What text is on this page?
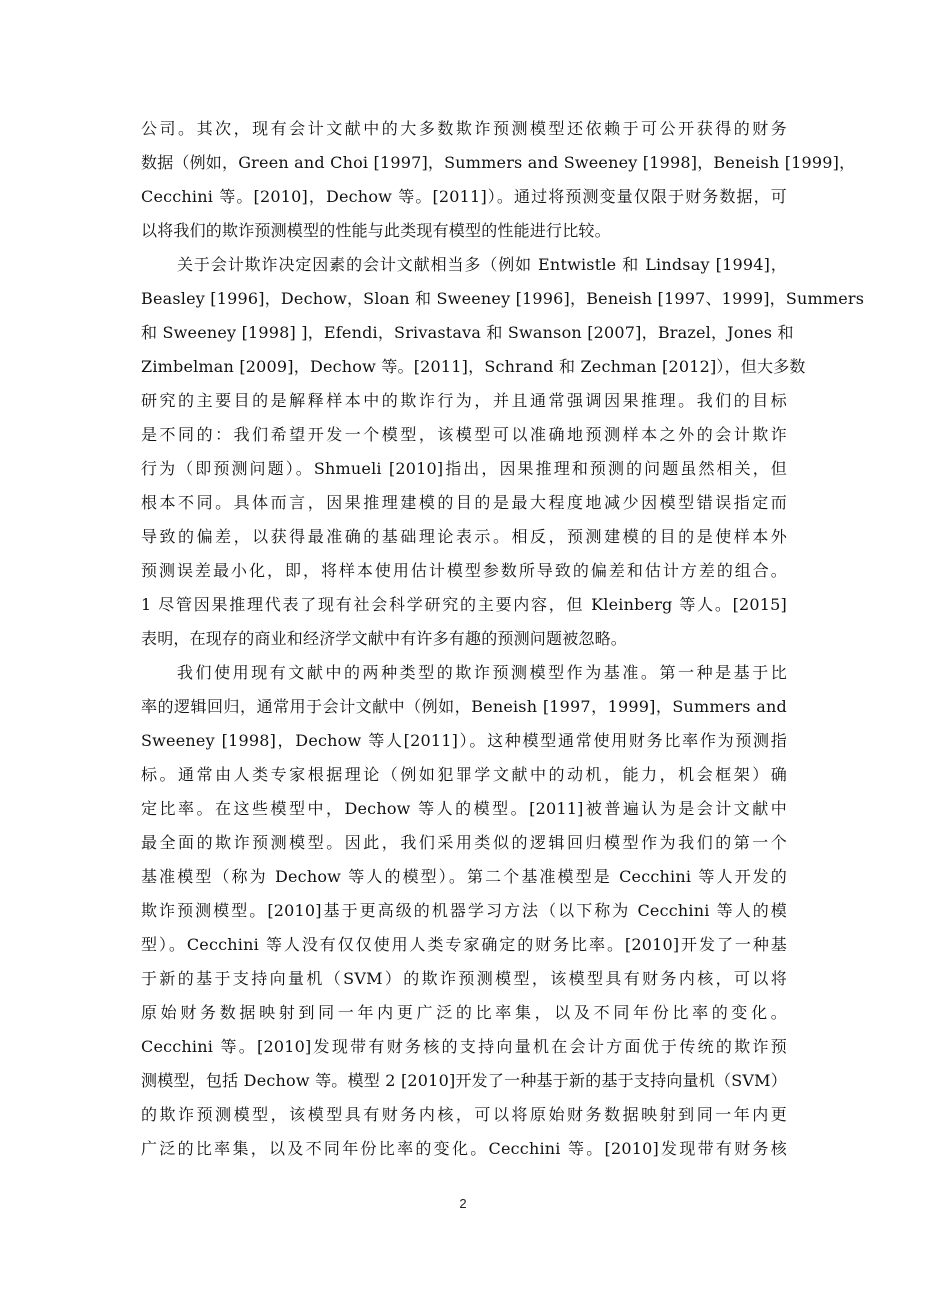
公司。其次，现有会计文献中的大多数欺诈预测模型还依赖于可公开获得的财务
数据（例如，Green and Choi [1997]，Summers and Sweeney [1998]，Beneish [1999]，
Cecchini 等。[2010]，Dechow 等。[2011]）。通过将预测变量仅限于财务数据，可
以将我们的欺诈预测模型的性能与此类现有模型的性能进行比较。
关于会计欺诈决定因素的会计文献相当多（例如 Entwistle 和 Lindsay [1994]，
Beasley [1996]，Dechow，Sloan 和 Sweeney [1996]，Beneish [1997、1999]，Summers
和 Sweeney [1998] ]，Efendi，Srivastava 和 Swanson [2007]，Brazel，Jones 和
Zimbelman [2009]，Dechow 等。[2011]，Schrand 和 Zechman [2012]），但大多数
研究的主要目的是解释样本中的欺诈行为，并且通常强调因果推理。我们的目标
是不同的：我们希望开发一个模型，该模型可以准确地预测样本之外的会计欺诈
行为（即预测问题）。Shmueli [2010]指出，因果推理和预测的问题虽然相关，但
根本不同。具体而言，因果推理建模的目的是最大程度地减少因模型错误指定而
导致的偏差，以获得最准确的基础理论表示。相反，预测建模的目的是使样本外
预测误差最小化，即，将样本使用估计模型参数所导致的偏差和估计方差的组合。
1 尽管因果推理代表了现有社会科学研究的主要内容，但 Kleinberg 等人。[2015]
表明，在现存的商业和经济学文献中有许多有趣的预测问题被忽略。
我们使用现有文献中的两种类型的欺诈预测模型作为基准。第一种是基于比
率的逻辑回归，通常用于会计文献中（例如，Beneish [1997，1999]，Summers and
Sweeney [1998]，Dechow 等人[2011]）。这种模型通常使用财务比率作为预测指
标。通常由人类专家根据理论（例如犯罪学文献中的动机，能力，机会框架）确
定比率。在这些模型中，Dechow 等人的模型。[2011]被普遍认为是会计文献中
最全面的欺诈预测模型。因此，我们采用类似的逻辑回归模型作为我们的第一个
基准模型（称为 Dechow 等人的模型）。第二个基准模型是 Cecchini 等人开发的
欺诈预测模型。[2010]基于更高级的机器学习方法（以下称为 Cecchini 等人的模
型）。Cecchini 等人没有仅仅使用人类专家确定的财务比率。[2010]开发了一种基
于新的基于支持向量机（SVM）的欺诈预测模型，该模型具有财务内核，可以将
原始财务数据映射到同一年内更广泛的比率集，以及不同年份比率的变化。
Cecchini 等。[2010]发现带有财务核的支持向量机在会计方面优于传统的欺诈预
测模型，包括 Dechow 等。模型 2 [2010]开发了一种基于新的基于支持向量机（SVM）
的欺诈预测模型，该模型具有财务内核，可以将原始财务数据映射到同一年内更
广泛的比率集，以及不同年份比率的变化。Cecchini 等。[2010]发现带有财务核
2
